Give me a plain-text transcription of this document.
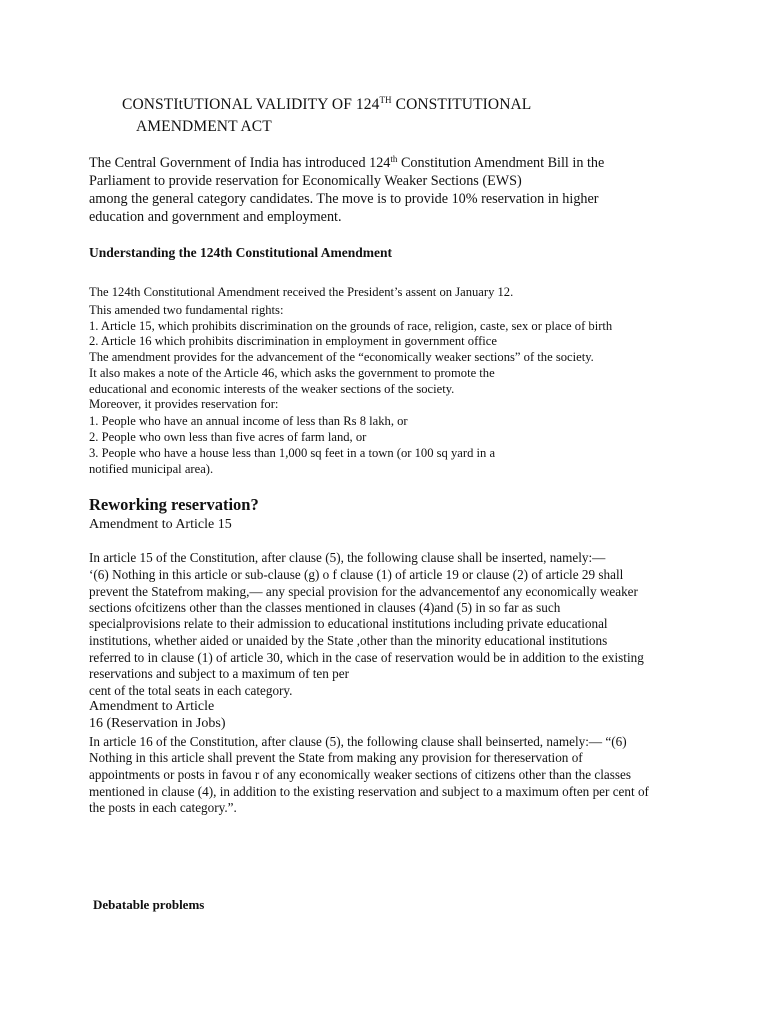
CONSTItUTIONAL VALIDITY OF 124TH CONSTITUTIONAL
AMENDMENT ACT
The Central Government of India has introduced 124th Constitution Amendment Bill in the
Parliament to provide reservation for Economically Weaker Sections (EWS)
among the general category candidates. The move is to provide 10% reservation in higher
education and government and employment.
Understanding the 124th Constitutional Amendment
The 124th Constitutional Amendment received the President’s assent on January 12.
This amended two fundamental rights:
1. Article 15, which prohibits discrimination on the grounds of race, religion, caste, sex or place of birth
2. Article 16 which prohibits discrimination in employment in government office
The amendment provides for the advancement of the “economically weaker sections” of the society.
It also makes a note of the Article 46, which asks the government to promote the
educational and economic interests of the weaker sections of the society.
Moreover, it provides reservation for:
1. People who have an annual income of less than Rs 8 lakh, or
2. People who own less than five acres of farm land, or
3. People who have a house less than 1,000 sq feet in a town (or 100 sq yard in a
notified municipal area).
Reworking reservation?
Amendment to Article 15
In article 15 of the Constitution, after clause (5), the following clause shall be inserted, namely:—
‘(6) Nothing in this article or sub-clause (g) o f clause (1) of article 19 or clause (2) of article 29 shall
prevent the Statefrom making,— any special provision for the advancementof any economically weaker
sections ofcitizens other than the classes mentioned in clauses (4)and (5) in so far as such
specialprovisions relate to their admission to educational institutions including private educational
institutions, whether aided or unaided by the State ,other than the minority educational institutions
referred to in clause (1) of article 30, which in the case of reservation would be in addition to the existing
reservations and subject to a maximum of ten per
cent of the total seats in each category.
Amendment to Article
16 (Reservation in Jobs)
In article 16 of the Constitution, after clause (5), the following clause shall beinserted, namely:— “(6)
Nothing in this article shall prevent the State from making any provision for thereservation of
appointments or posts in favou r of any economically weaker sections of citizens other than the classes
mentioned in clause (4), in addition to the existing reservation and subject to a maximum often per cent of
the posts in each category.”.
Debatable problems
